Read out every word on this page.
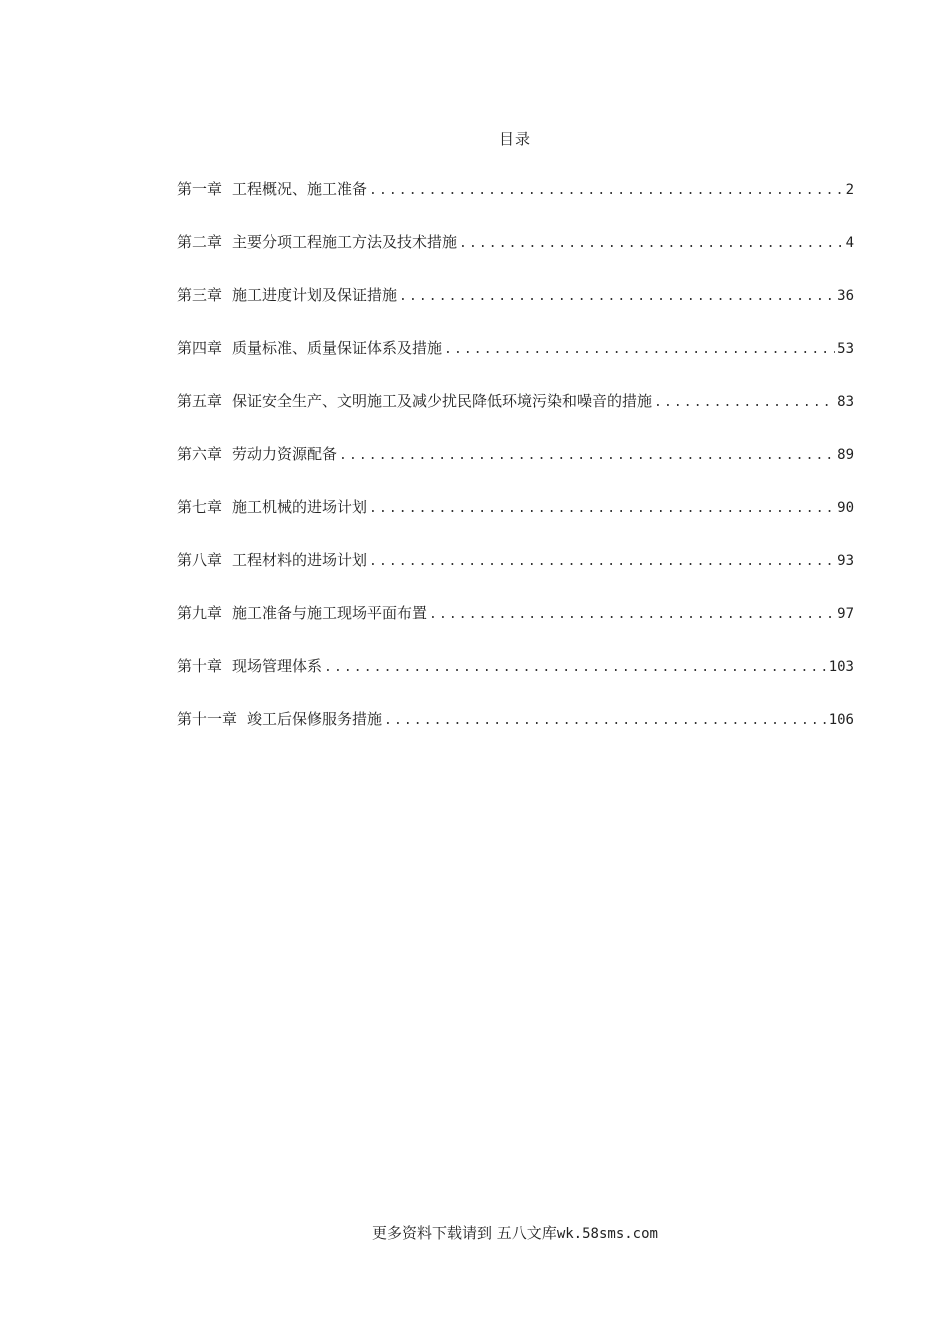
目录
第一章 工程概况、施工准备 .....	2
第二章 主要分项工程施工方法及技术措施 .....	4
第三章 施工进度计划及保证措施 .....	36
第四章 质量标准、质量保证体系及措施 .....	53
第五章 保证安全生产、文明施工及减少扰民降低环境污染和噪音的措施 .....	83
第六章 劳动力资源配备 .....	89
第七章 施工机械的进场计划 .....	90
第八章 工程材料的进场计划 .....	93
第九章 施工准备与施工现场平面布置 .....	97
第十章 现场管理体系 .....	103
第十一章 竣工后保修服务措施 .....	106
更多资料下载请到 五八文库wk.58sms.com
